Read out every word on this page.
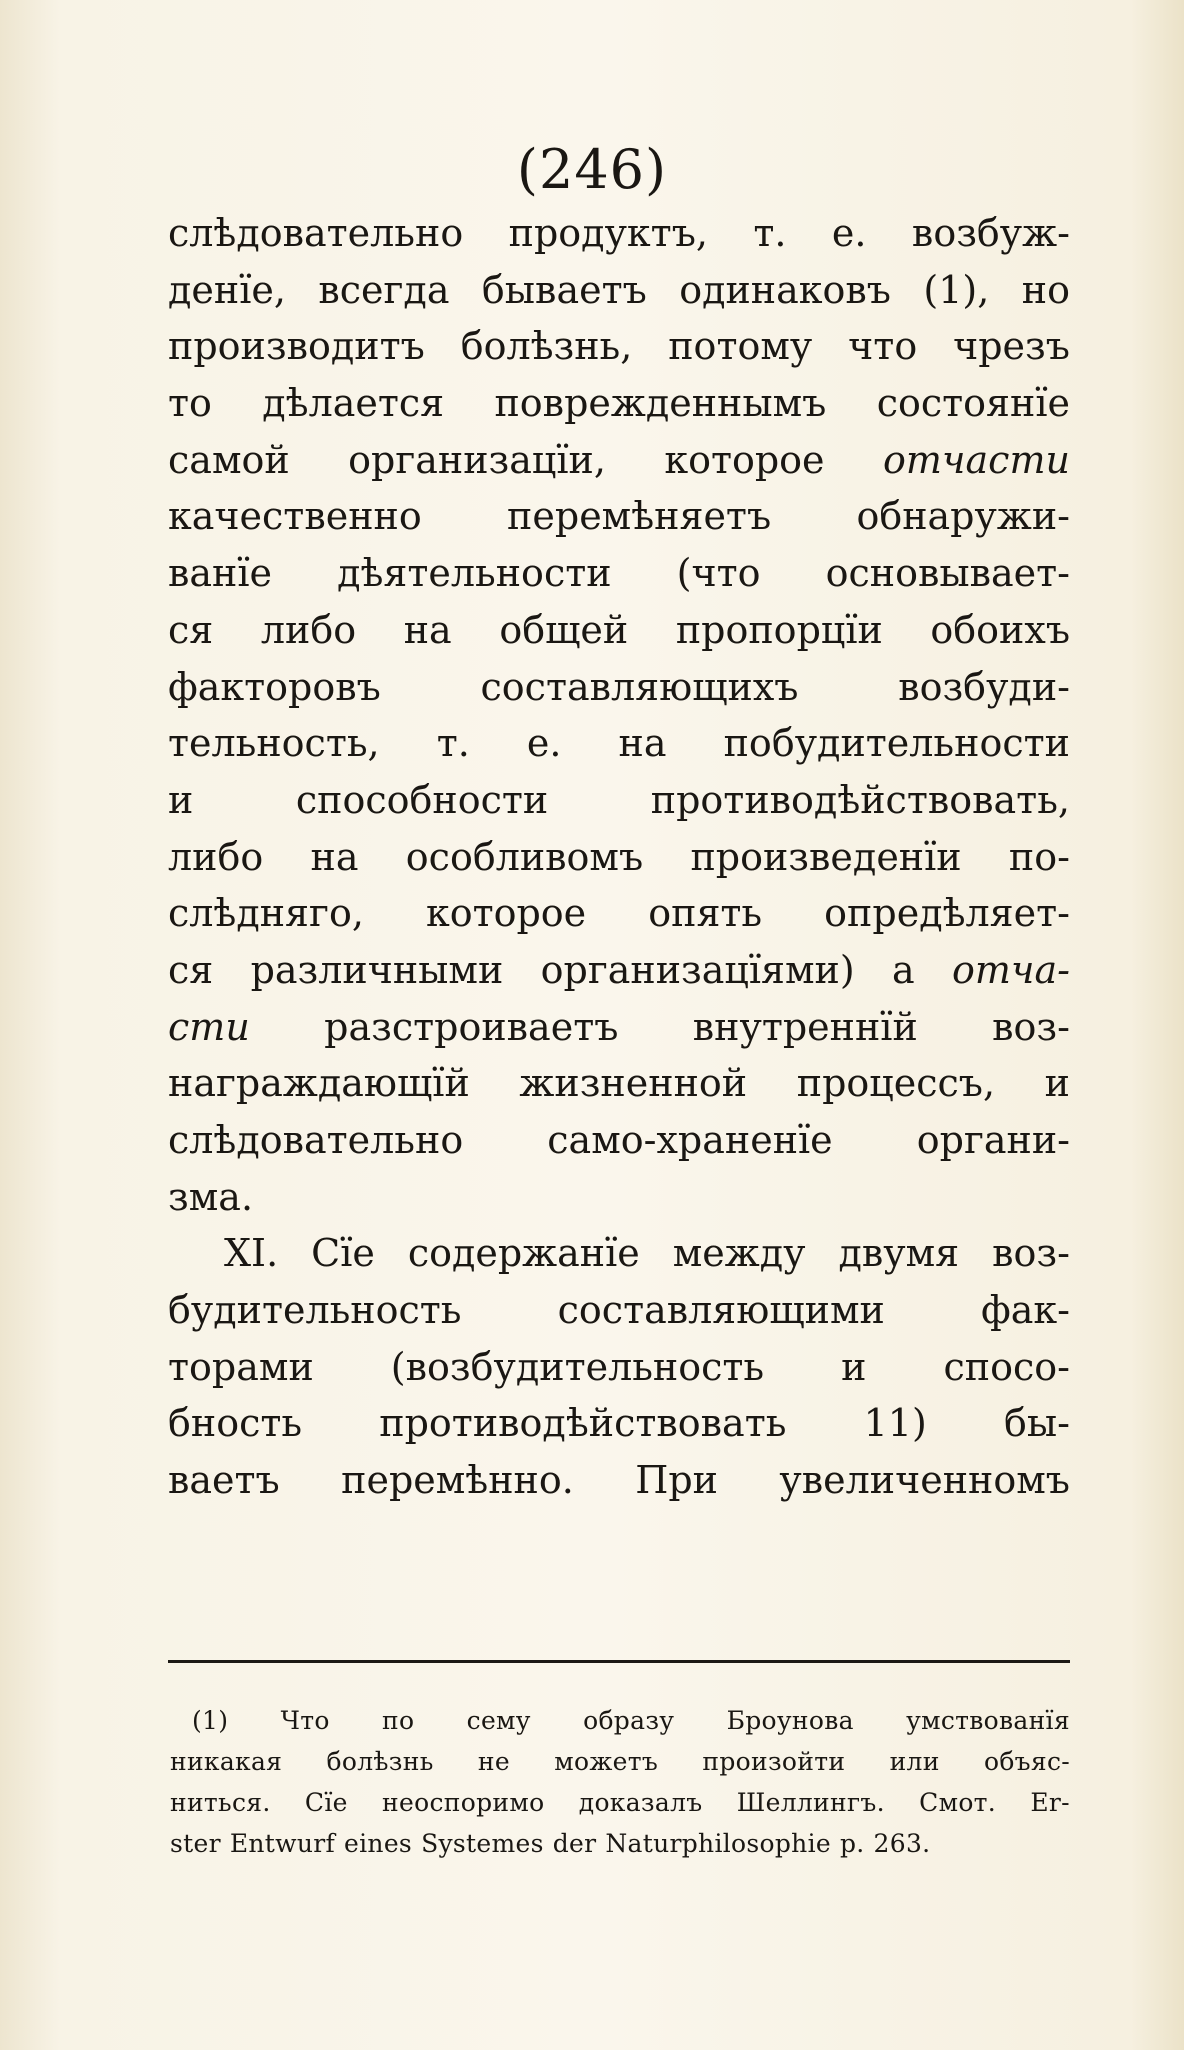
(246)
слѣдовательно продуктъ, т. е. возбуж-
денїе, всегда бываетъ одинаковъ (1), но
производитъ болѣзнь, потому что чрезъ
то дѣлается поврежденнымъ состоянїе
самой организацїи, которое отчасти
качественно перемѣняетъ обнаружи-
ванїе дѣятельности (что основывает-
ся либо на общей пропорцїи обоихъ
факторовъ	составляющихъ	возбуди-
тельность, т. е. на побудительности
и	способности	противодѣйствовать,
либо на особливомъ произведенїи по-
слѣдняго, которое опять опредѣляет-
ся различными организацїями) а отча-
сти разстроиваетъ внутреннїй воз-
награждающїй жизненной процессъ, и
слѣдовательно само-храненїе органи-
зма.
XI. Сїе содержанїе между двумя воз-
будительность	составляющими	фак-
торами (возбудительность и спосо-
бность противодѣйствовать 11) бы-
ваетъ перемѣнно. При увеличенномъ
(1) Что по сему образу Броунова умствованїя
никакая болѣзнь не можетъ произойти или объяс-
ниться. Сїе неоспоримо доказалъ Шеллингъ. Смот. Er-
ster Entwurf eines Systemes der Naturphilosophie p. 263.
